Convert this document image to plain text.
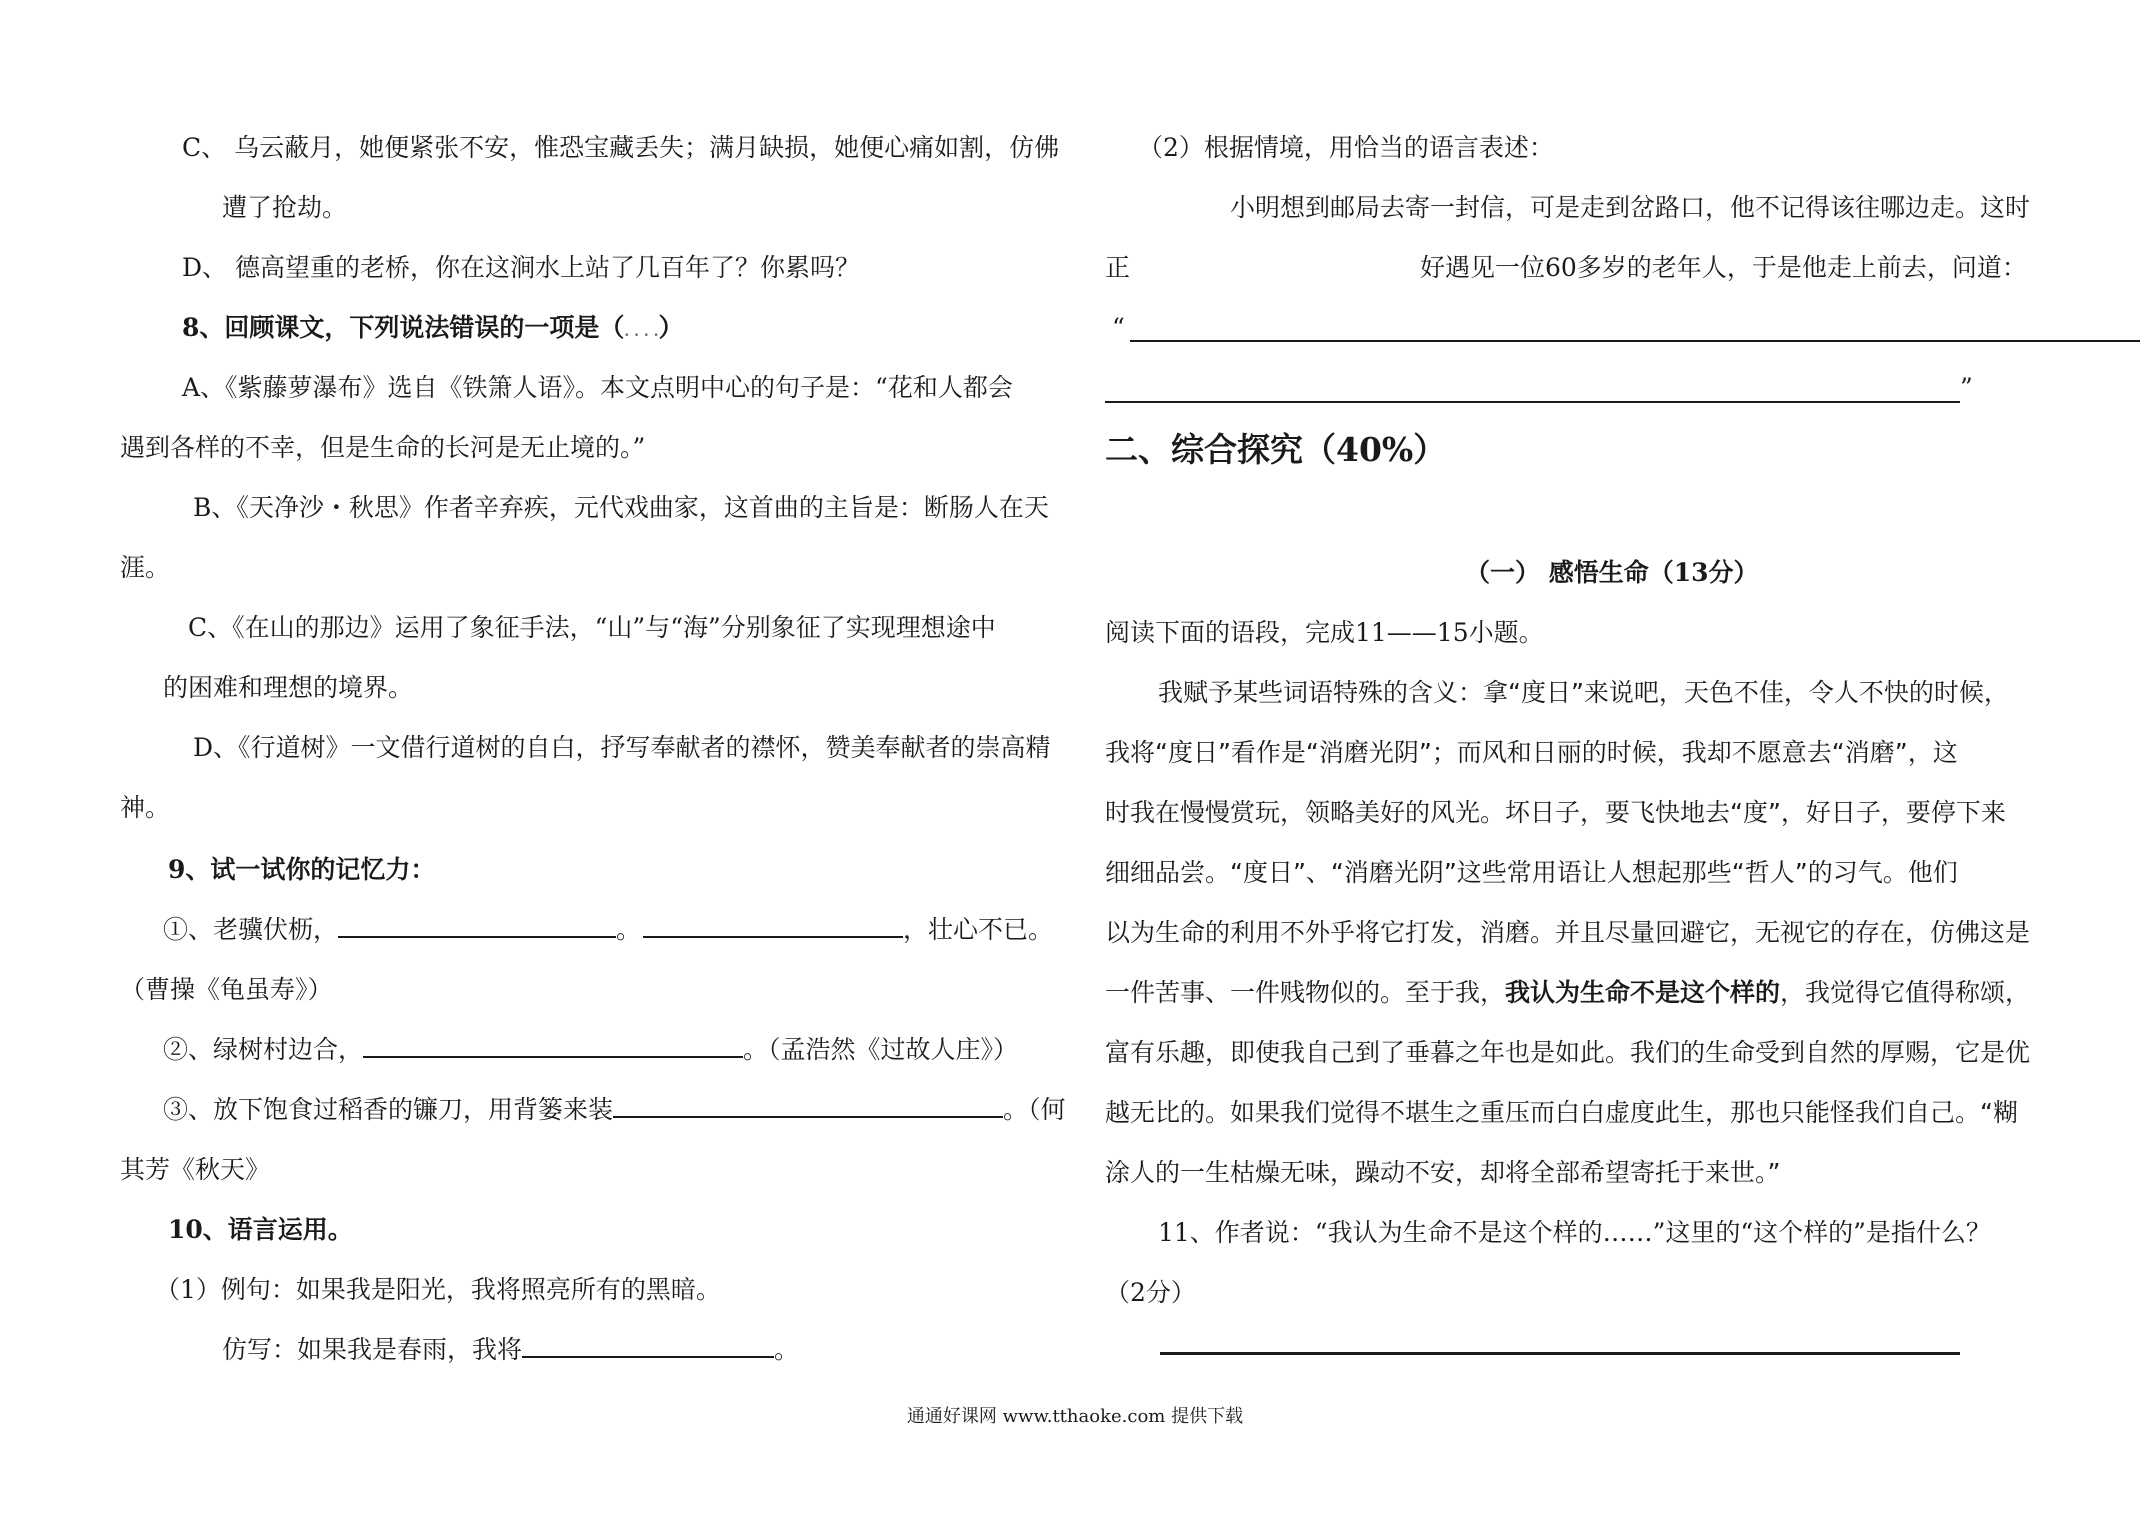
C、 乌云蔽月，她便紧张不安，惟恐宝藏丢失；满月缺损，她便心痛如割，仿佛
遭了抢劫。
D、 德高望重的老桥，你在这涧水上站了几百年了？你累吗？
8、回顾课文，下列说法错误的一项是（. . . .）
A、《紫藤萝瀑布》选自《铁箫人语》。本文点明中心的句子是：“花和人都会
遇到各样的不幸，但是生命的长河是无止境的。”
B、《天净沙・秋思》作者辛弃疾，元代戏曲家，这首曲的主旨是：断肠人在天
涯。
C、《在山的那边》运用了象征手法，“山”与“海”分别象征了实现理想途中
的困难和理想的境界。
D、《行道树》一文借行道树的自白，抒写奉献者的襟怀，赞美奉献者的崇高精
神。
9、试一试你的记忆力：
①、老骥伏枥，	。	，壮心不已。
（曹操《龟虽寿》）
②、绿树村边合，	。（孟浩然《过故人庄》）
③、放下饱食过稻香的镰刀，用背篓来装	。（何
其芳《秋天》
10、语言运用。
（1）例句：如果我是阳光，我将照亮所有的黑暗。
仿写：如果我是春雨，我将	。
（2）根据情境，用恰当的语言表述：
小明想到邮局去寄一封信，可是走到岔路口，他不记得该往哪边走。这时
正	好遇见一位60多岁的老年人，于是他走上前去，问道：
“
”
二、综合探究（40%）
（一） 感悟生命（13分）
阅读下面的语段，完成11——15小题。
我赋予某些词语特殊的含义：拿“度日”来说吧，天色不佳，令人不快的时候，
我将“度日”看作是“消磨光阴”；而风和日丽的时候，我却不愿意去“消磨”，这
时我在慢慢赏玩，领略美好的风光。坏日子，要飞快地去“度”，好日子，要停下来
细细品尝。“度日”、“消磨光阴”这些常用语让人想起那些“哲人”的习气。他们
以为生命的利用不外乎将它打发，消磨。并且尽量回避它，无视它的存在，仿佛这是
一件苦事、一件贱物似的。至于我，我认为生命不是这个样的，我觉得它值得称颂，
富有乐趣，即使我自己到了垂暮之年也是如此。我们的生命受到自然的厚赐，它是优
越无比的。如果我们觉得不堪生之重压而白白虚度此生，那也只能怪我们自己。“糊
涂人的一生枯燥无味，躁动不安，却将全部希望寄托于来世。”
11、作者说：“我认为生命不是这个样的……”这里的“这个样的”是指什么？
（2分）
通通好课网 www.tthaoke.com 提供下载
